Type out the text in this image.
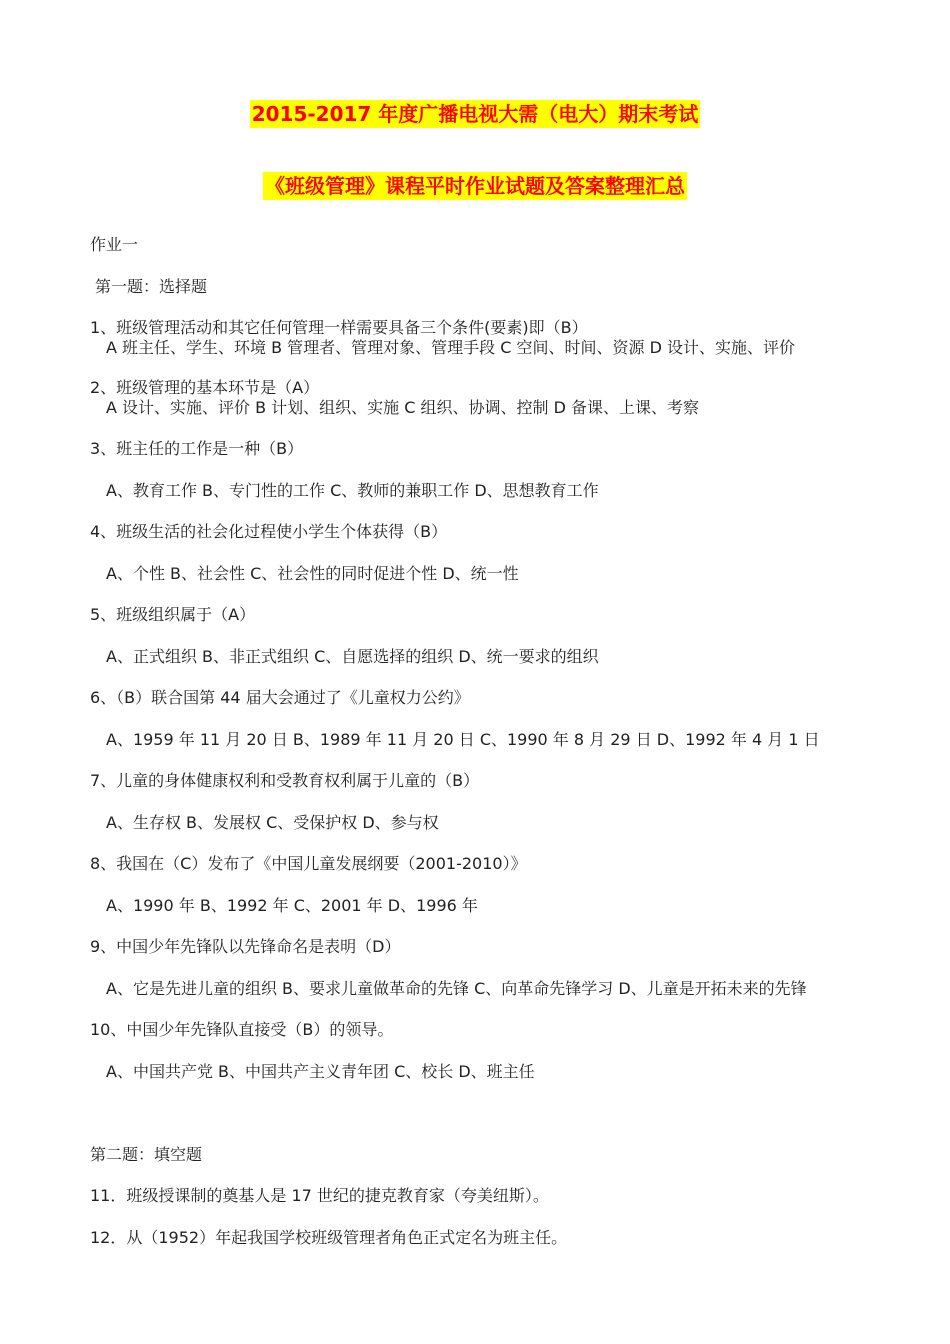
2015-2017 年度广播电视大需（电大）期末考试
《班级管理》课程平时作业试题及答案整理汇总
作业一
第一题：选择题
1、班级管理活动和其它任何管理一样需要具备三个条件(要素)即（B）
A 班主任、学生、环境 B 管理者、管理对象、管理手段 C 空间、时间、资源 D 设计、实施、评价
2、班级管理的基本环节是（A）
A 设计、实施、评价 B 计划、组织、实施 C 组织、协调、控制 D 备课、上课、考察
3、班主任的工作是一种（B）
A、教育工作 B、专门性的工作 C、教师的兼职工作 D、思想教育工作
4、班级生活的社会化过程使小学生个体获得（B）
A、个性 B、社会性 C、社会性的同时促进个性 D、统一性
5、班级组织属于（A）
A、正式组织 B、非正式组织 C、自愿选择的组织 D、统一要求的组织
6、（B）联合国第 44 届大会通过了《儿童权力公约》
A、1959 年 11 月 20 日 B、1989 年 11 月 20 日 C、1990 年 8 月 29 日 D、1992 年 4 月 1 日
7、儿童的身体健康权利和受教育权利属于儿童的（B）
A、生存权 B、发展权 C、受保护权 D、参与权
8、我国在（C）发布了《中国儿童发展纲要（2001-2010）》
A、1990 年 B、1992 年 C、2001 年 D、1996 年
9、中国少年先锋队以先锋命名是表明（D）
A、它是先进儿童的组织 B、要求儿童做革命的先锋 C、向革命先锋学习 D、儿童是开拓未来的先锋
10、中国少年先锋队直接受（B）的领导。
A、中国共产党 B、中国共产主义青年团 C、校长 D、班主任
第二题：填空题
11．班级授课制的奠基人是 17 世纪的捷克教育家（夸美纽斯）。
12．从（1952）年起我国学校班级管理者角色正式定名为班主任。
